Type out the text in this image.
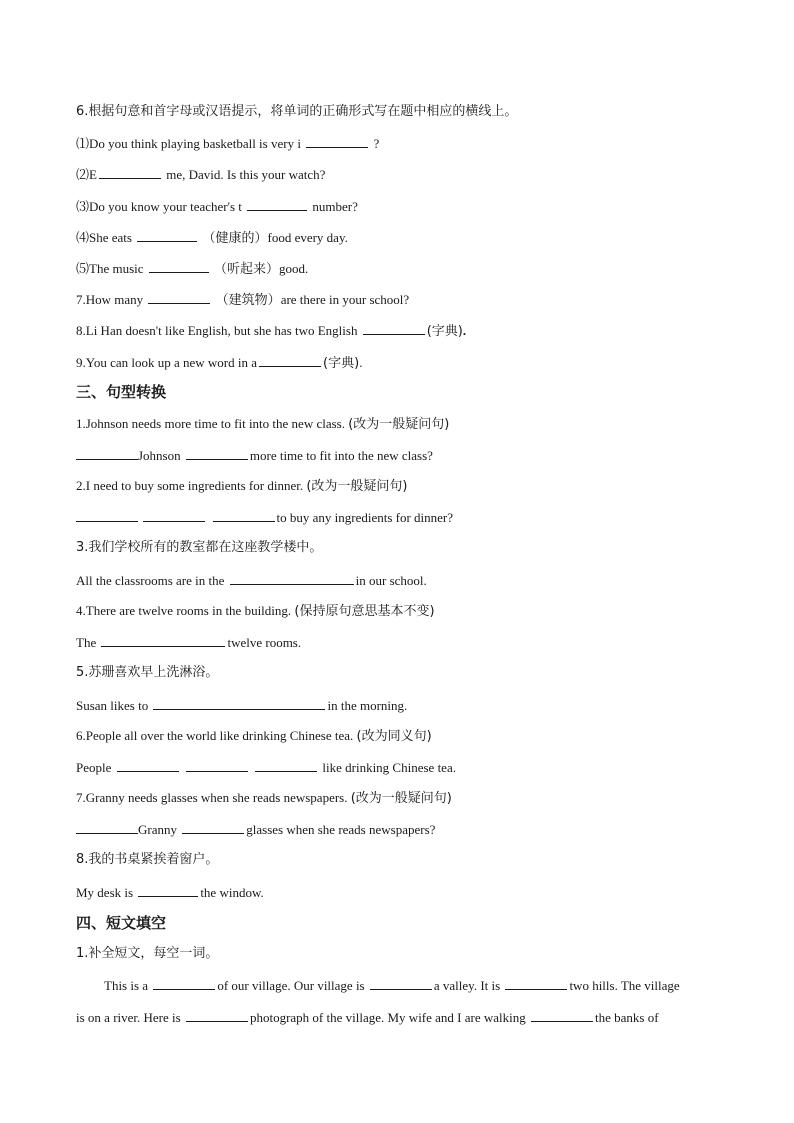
6.根据句意和首字母或汉语提示，将单词的正确形式写在题中相应的横线上。
⑴Do you think playing basketball is very i	?
⑵E	me, David. Is this your watch?
⑶Do you know your teacher's t	number?
⑷She eats	（健康的）food every day.
⑸The music	（听起来）good.
7.How many	（建筑物）are there in your school?
8.Li Han doesn't like English, but she has two English	(字典).
9.You can look up a new word in a	(字典).
三、句型转换
1.Johnson needs more time to fit into the new class. (改为一般疑问句)
Johnson	more time to fit into the new class?
2.I need to buy some ingredients for dinner. (改为一般疑问句)
to buy any ingredients for dinner?
3.我们学校所有的教室都在这座教学楼中。
All the classrooms are in the	in our school.
4.There are twelve rooms in the building. (保持原句意思基本不变)
The	twelve rooms.
5.苏珊喜欢早上洗淋浴。
Susan likes to	in the morning.
6.People all over the world like drinking Chinese tea. (改为同义句)
People	like drinking Chinese tea.
7.Granny needs glasses when she reads newspapers. (改为一般疑问句)
Granny	glasses when she reads newspapers?
8.我的书桌紧挨着窗户。
My desk is	the window.
四、短文填空
1.补全短文，每空一词。
This is a	of our village. Our village is	a valley. It is	two hills. The village
is on a river. Here is	photograph of the village. My wife and I are walking	the banks of
